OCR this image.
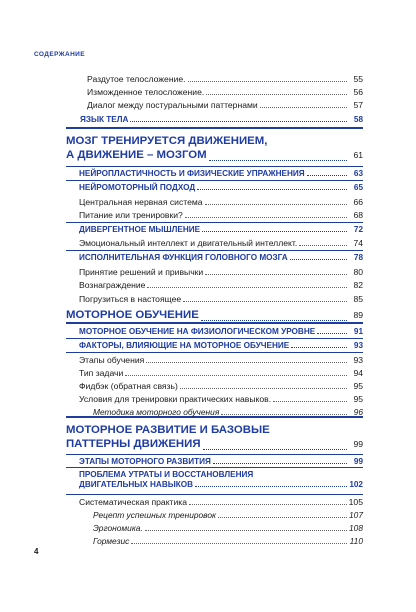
СОДЕРЖАНИЕ
Раздутое телосложение.	55
Изможденное телосложение.	56
Диалог между постуральными паттернами	57
ЯЗЫК ТЕЛА	58
МОЗГ ТРЕНИРУЕТСЯ ДВИЖЕНИЕМ,
А ДВИЖЕНИЕ – МОЗГОМ	61
НЕЙРОПЛАСТИЧНОСТЬ И ФИЗИЧЕСКИЕ УПРАЖНЕНИЯ	63
НЕЙРОМОТОРНЫЙ ПОДХОД	65
Центральная нервная система	66
Питание или тренировки?	68
ДИВЕРГЕНТНОЕ МЫШЛЕНИЕ	72
Эмоциональный интеллект и двигательный интеллект.	74
ИСПОЛНИТЕЛЬНАЯ ФУНКЦИЯ ГОЛОВНОГО МОЗГА	78
Принятие решений и привычки	80
Вознаграждение	82
Погрузиться в настоящее	85
МОТОРНОЕ ОБУЧЕНИЕ	89
МОТОРНОЕ ОБУЧЕНИЕ НА ФИЗИОЛОГИЧЕСКОМ УРОВНЕ	91
ФАКТОРЫ, ВЛИЯЮЩИЕ НА МОТОРНОЕ ОБУЧЕНИЕ	93
Этапы обучения	93
Тип задачи	94
Фидбэк (обратная связь)	95
Условия для тренировки практических навыков.	95
Методика моторного обучения	96
МОТОРНОЕ РАЗВИТИЕ И БАЗОВЫЕ
ПАТТЕРНЫ ДВИЖЕНИЯ	99
ЭТАПЫ МОТОРНОГО РАЗВИТИЯ	99
ПРОБЛЕМА УТРАТЫ И ВОССТАНОВЛЕНИЯ
ДВИГАТЕЛЬНЫХ НАВЫКОВ	102
Систематическая практика	105
Рецепт успешных тренировок	107
Эргономика.	108
Гормезис	110
4
